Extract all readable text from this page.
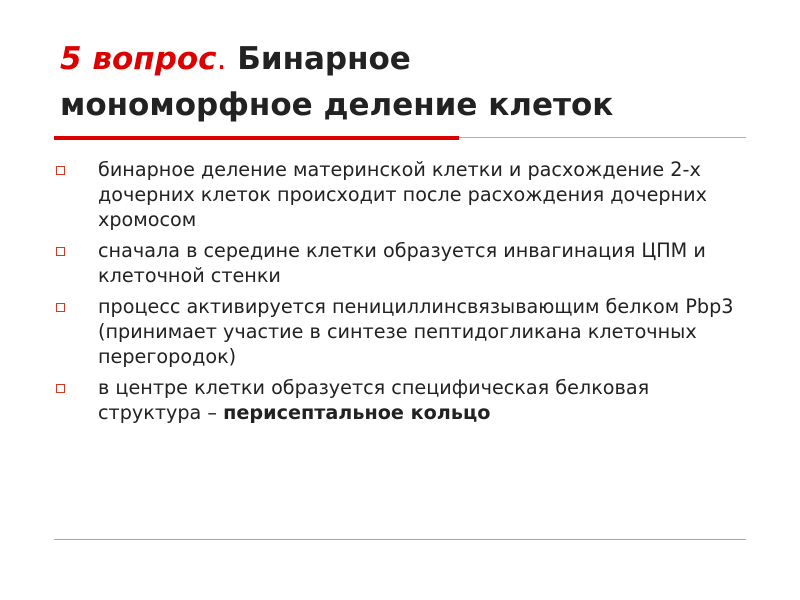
5 вопрос. Бинарное
мономорфное деление клеток
бинарное деление материнской клетки и расхождение 2-х дочерних клеток происходит после расхождения дочерних хромосом
сначала в середине клетки образуется инвагинация ЦПМ и клеточной стенки
процесс активируется пенициллинсвязывающим белком Pbp3 (принимает участие в синтезе пептидогликана клеточных перегородок)
в центре клетки образуется специфическая белковая структура – перисептальное кольцо
